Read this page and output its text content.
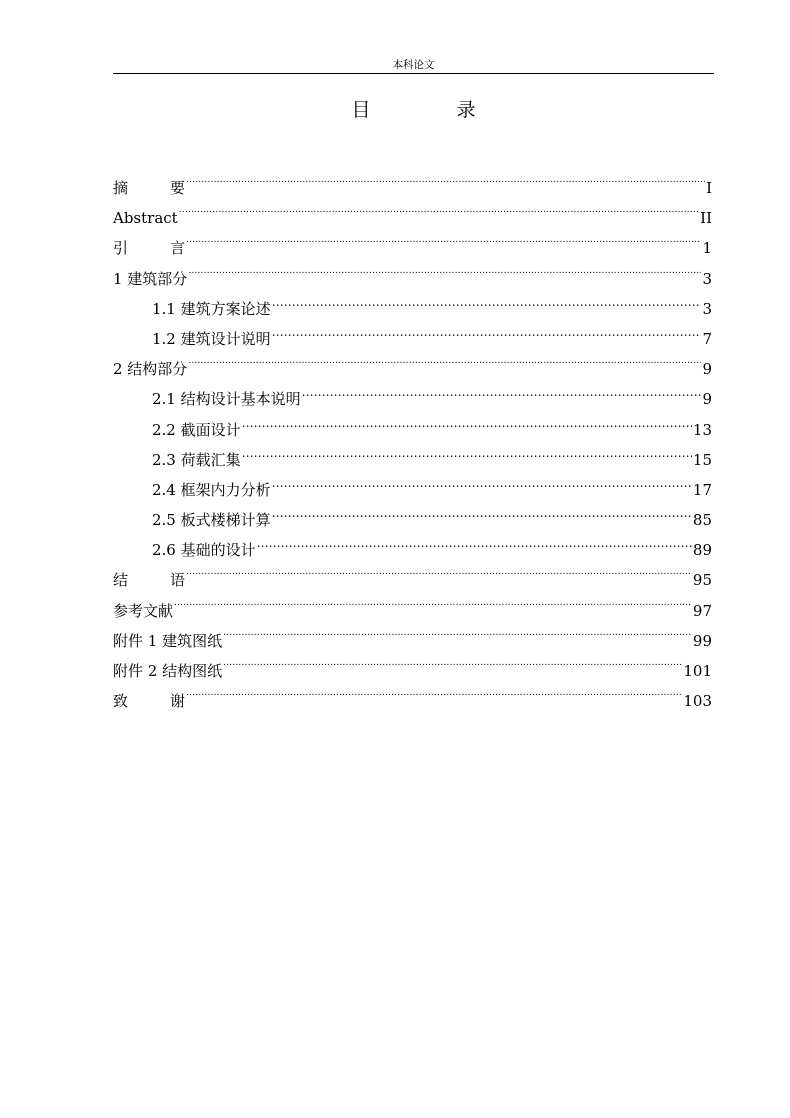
本科论文
目 录
摘	要 .....	I
Abstract .....	II
引	言 .....	1
1 建筑部分 .....	3
1.1 建筑方案论述 ……………………………………………………………………………………………………………………………………………………………………………	3
1.2 建筑设计说明 ……………………………………………………………………………………………………………………………………………………………………………	7
2 结构部分 .....	9
2.1 结构设计基本说明 ……………………………………………………………………………………………………………………………………………………………………………	9
2.2 截面设计 ……………………………………………………………………………………………………………………………………………………………………………	13
2.3 荷载汇集 ……………………………………………………………………………………………………………………………………………………………………………	15
2.4 框架内力分析 ……………………………………………………………………………………………………………………………………………………………………………	17
2.5 板式楼梯计算 ……………………………………………………………………………………………………………………………………………………………………………	85
2.6 基础的设计 ……………………………………………………………………………………………………………………………………………………………………………	89
结	语 .....	95
参考文献 .....	97
附件 1 建筑图纸 .....	99
附件 2 结构图纸 .....	101
致	谢 .....	103
